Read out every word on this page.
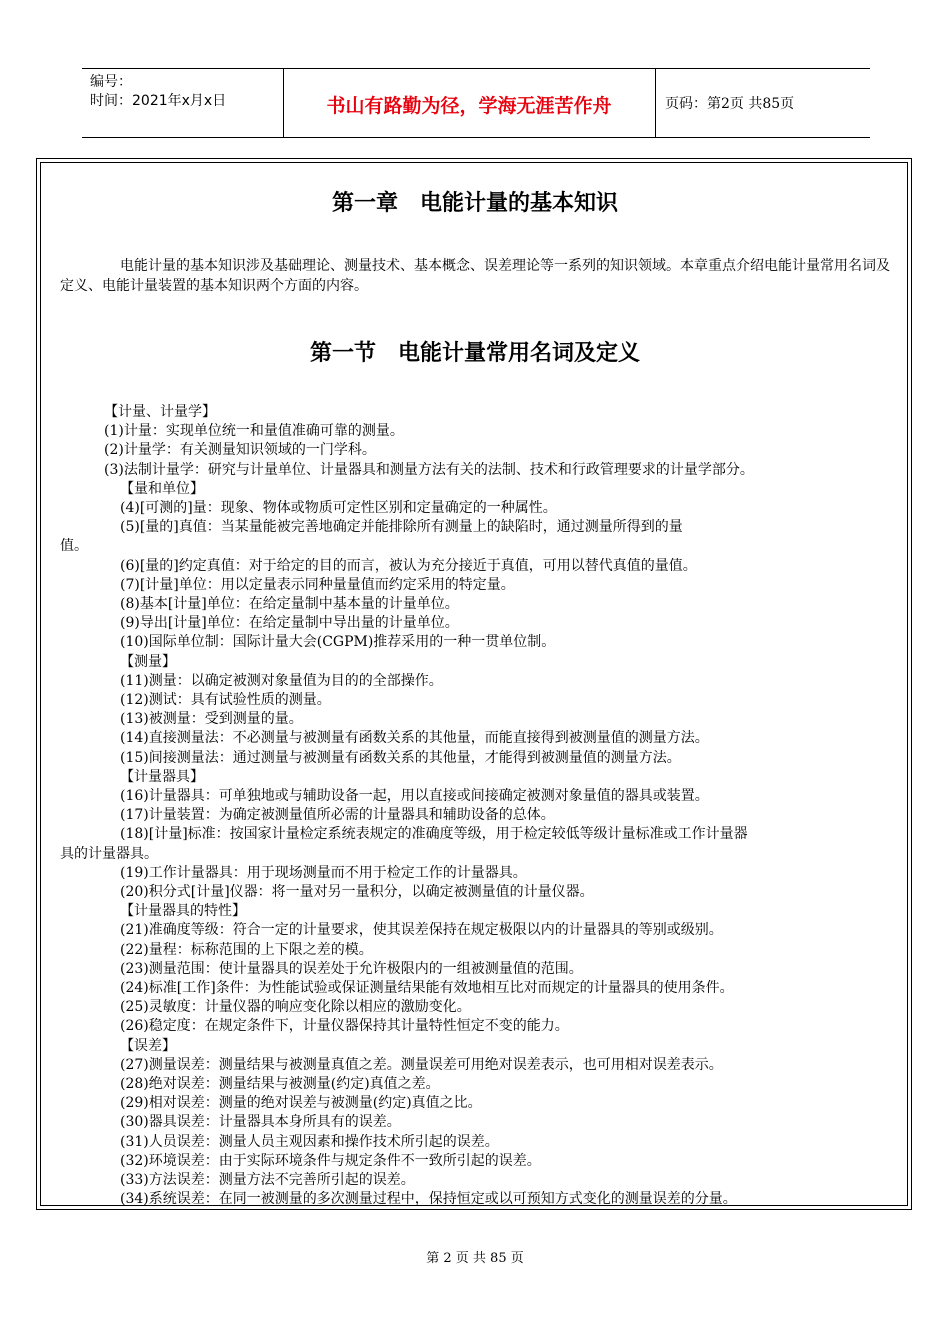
编号：
时间：2021年x月x日	书山有路勤为径，学海无涯苦作舟	页码：第2页 共85页
第一章　电能计量的基本知识
电能计量的基本知识涉及基础理论、测量技术、基本概念、误差理论等一系列的知识领域。本章重点介绍电能计量常用名词及定义、电能计量装置的基本知识两个方面的内容。
第一节　电能计量常用名词及定义
【计量、计量学】
(1)计量：实现单位统一和量值准确可靠的测量。
(2)计量学：有关测量知识领域的一门学科。
(3)法制计量学：研究与计量单位、计量器具和测量方法有关的法制、技术和行政管理要求的计量学部分。
【量和单位】
(4)[可测的]量：现象、物体或物质可定性区别和定量确定的一种属性。
(5)[量的]真值：当某量能被完善地确定并能排除所有测量上的缺陷时，通过测量所得到的量
值。
(6)[量的]约定真值：对于给定的目的而言，被认为充分接近于真值，可用以替代真值的量值。
(7)[计量]单位：用以定量表示同种量量值而约定采用的特定量。
(8)基本[计量]单位：在给定量制中基本量的计量单位。
(9)导出[计量]单位：在给定量制中导出量的计量单位。
(10)国际单位制：国际计量大会(CGPM)推荐采用的一种一贯单位制。
【测量】
(11)测量：以确定被测对象量值为目的的全部操作。
(12)测试：具有试验性质的测量。
(13)被测量：受到测量的量。
(14)直接测量法：不必测量与被测量有函数关系的其他量，而能直接得到被测量值的测量方法。
(15)间接测量法：通过测量与被测量有函数关系的其他量，才能得到被测量值的测量方法。
【计量器具】
(16)计量器具：可单独地或与辅助设备一起，用以直接或间接确定被测对象量值的器具或装置。
(17)计量装置：为确定被测量值所必需的计量器具和辅助设备的总体。
(18)[计量]标准：按国家计量检定系统表规定的准确度等级，用于检定较低等级计量标准或工作计量器
具的计量器具。
(19)工作计量器具：用于现场测量而不用于检定工作的计量器具。
(20)积分式[计量]仪器：将一量对另一量积分，以确定被测量值的计量仪器。
【计量器具的特性】
(21)准确度等级：符合一定的计量要求，使其误差保持在规定极限以内的计量器具的等别或级别。
(22)量程：标称范围的上下限之差的模。
(23)测量范围：使计量器具的误差处于允许极限内的一组被测量值的范围。
(24)标准[工作]条件：为性能试验或保证测量结果能有效地相互比对而规定的计量器具的使用条件。
(25)灵敏度：计量仪器的响应变化除以相应的激励变化。
(26)稳定度：在规定条件下，计量仪器保持其计量特性恒定不变的能力。
【误差】
(27)测量误差：测量结果与被测量真值之差。测量误差可用绝对误差表示，也可用相对误差表示。
(28)绝对误差：测量结果与被测量(约定)真值之差。
(29)相对误差：测量的绝对误差与被测量(约定)真值之比。
(30)器具误差：计量器具本身所具有的误差。
(31)人员误差：测量人员主观因素和操作技术所引起的误差。
(32)环境误差：由于实际环境条件与规定条件不一致所引起的误差。
(33)方法误差：测量方法不完善所引起的误差。
(34)系统误差：在同一被测量的多次测量过程中，保持恒定或以可预知方式变化的测量误差的分量。
第 2 页 共 85 页
